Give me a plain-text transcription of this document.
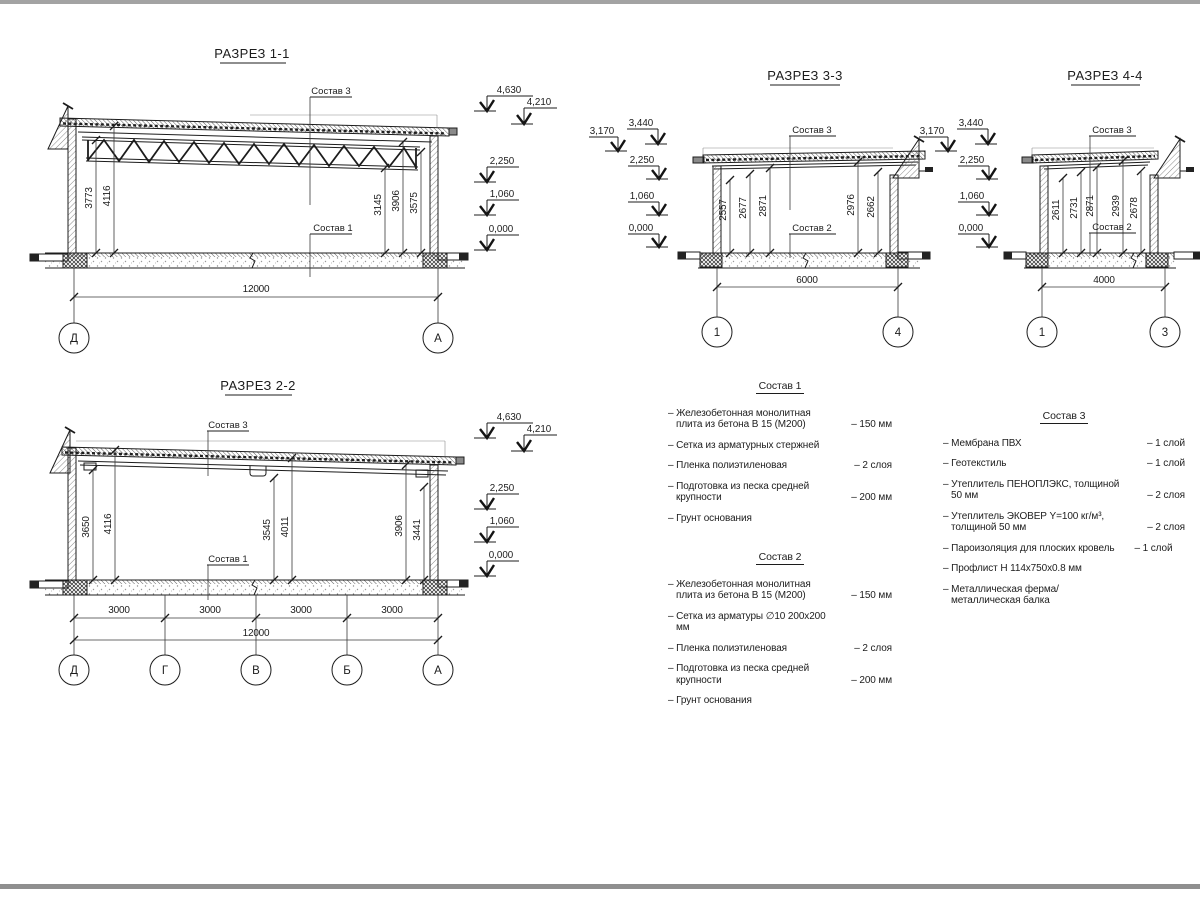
РАЗРЕЗ 1-1
3773 4116	3145 3906 3575
Состав 3
Состав 1
4,630
4,210
2,250
1,060
0,000
12000
Д	А
РАЗРЕЗ 2-2
3650 4116	3545 4011	3906 3441
Состав 3
Состав 1
4,630
4,210
2,250
1,060
0,000
3000	3000	3000	3000
12000
Д	Г	В	Б	А
РАЗРЕЗ 3-3
2557 2677 2871	2976 2662
Состав 3
Состав 2
3,170
3,440
2,250
1,060
0,000
6000
1	4
РАЗРЕЗ 4-4
2611 2731 2871 2939 2678
Состав 3
Состав 2
3,170
3,440
2,250
1,060
0,000
4000
1	3
Состав 1
– Железобетонная монолитная плита из бетона В 15 (М200)	– 150 мм
– Сетка из арматурных стержней
– Пленка полиэтиленовая	– 2 слоя
– Подготовка из песка средней крупности	– 200 мм
– Грунт основания
Состав 2
– Железобетонная монолитная плита из бетона В 15 (М200)	– 150 мм
– Сетка из арматуры ∅10 200х200 мм
– Пленка полиэтиленовая	– 2 слоя
– Подготовка из песка средней крупности	– 200 мм
– Грунт основания
Состав 3
– Мембрана ПВХ	– 1 слой
– Геотекстиль	– 1 слой
– Утеплитель ПЕНОПЛЭКС, толщиной 50 мм	– 2 слоя
– Утеплитель ЭКОВЕР Y=100 кг/м³, толщиной 50 мм	– 2 слоя
– Пароизоляция для плоских кровель	– 1 слой
– Профлист Н 114х750х0.8 мм
– Металлическая ферма/ металлическая балка
